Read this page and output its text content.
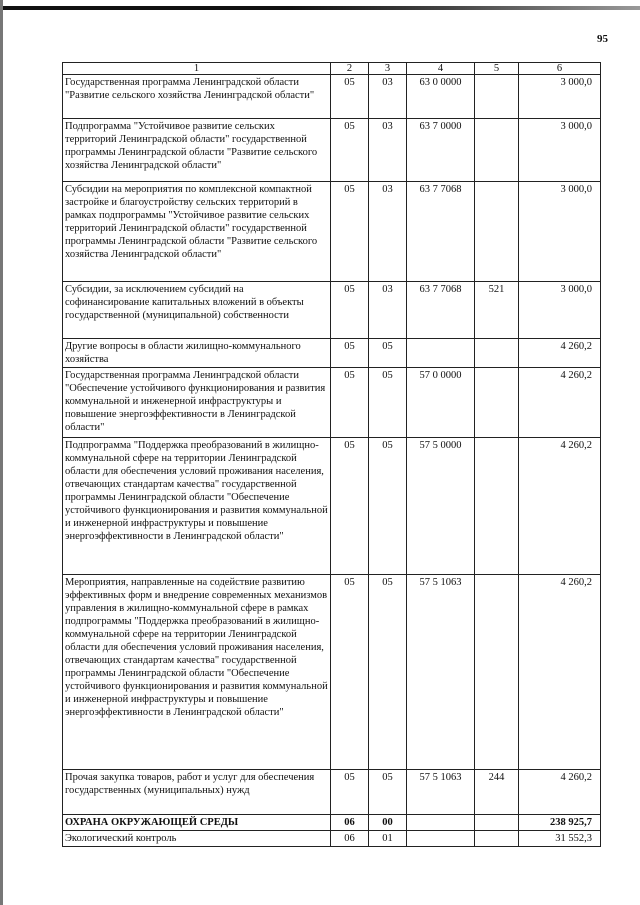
95
1	2	3	4	5	6
Государственная программа Ленинградской области "Развитие сельского хозяйства Ленинградской области"	05	03	63 0 0000		3 000,0
Подпрограмма "Устойчивое развитие сельских территорий Ленинградской области" государственной программы Ленинградской области "Развитие сельского хозяйства Ленинградской области"	05	03	63 7 0000		3 000,0
Субсидии на мероприятия по комплексной компактной застройке и благоустройству сельских территорий в рамках подпрограммы "Устойчивое развитие сельских территорий Ленинградской области" государственной программы Ленинградской области "Развитие сельского хозяйства Ленинградской области"	05	03	63 7 7068		3 000,0
Субсидии, за исключением субсидий на софинансирование капитальных вложений в объекты государственной (муниципальной) собственности	05	03	63 7 7068	521	3 000,0
Другие вопросы в области жилищно-коммунального хозяйства	05	05			4 260,2
Государственная программа Ленинградской области "Обеспечение устойчивого функционирования и развития коммунальной и инженерной инфраструктуры и повышение энергоэффективности в Ленинградской области"	05	05	57 0 0000		4 260,2
Подпрограмма "Поддержка преобразований в жилищно-коммунальной сфере на территории Ленинградской области для обеспечения условий проживания населения, отвечающих стандартам качества" государственной программы Ленинградской области "Обеспечение устойчивого функционирования и развития коммунальной и инженерной инфраструктуры и повышение энергоэффективности в Ленинградской области"	05	05	57 5 0000		4 260,2
Мероприятия, направленные на содействие развитию эффективных форм и внедрение современных механизмов управления в жилищно-коммунальной сфере в рамках подпрограммы "Поддержка преобразований в жилищно-коммунальной сфере на территории Ленинградской области для обеспечения условий проживания населения, отвечающих стандартам качества" государственной программы Ленинградской области "Обеспечение устойчивого функционирования и развития коммунальной и инженерной инфраструктуры и повышение энергоэффективности в Ленинградской области"	05	05	57 5 1063		4 260,2
Прочая закупка товаров, работ и услуг для обеспечения государственных (муниципальных) нужд	05	05	57 5 1063	244	4 260,2
ОХРАНА ОКРУЖАЮЩЕЙ СРЕДЫ	06	00			238 925,7
Экологический контроль	06	01			31 552,3
